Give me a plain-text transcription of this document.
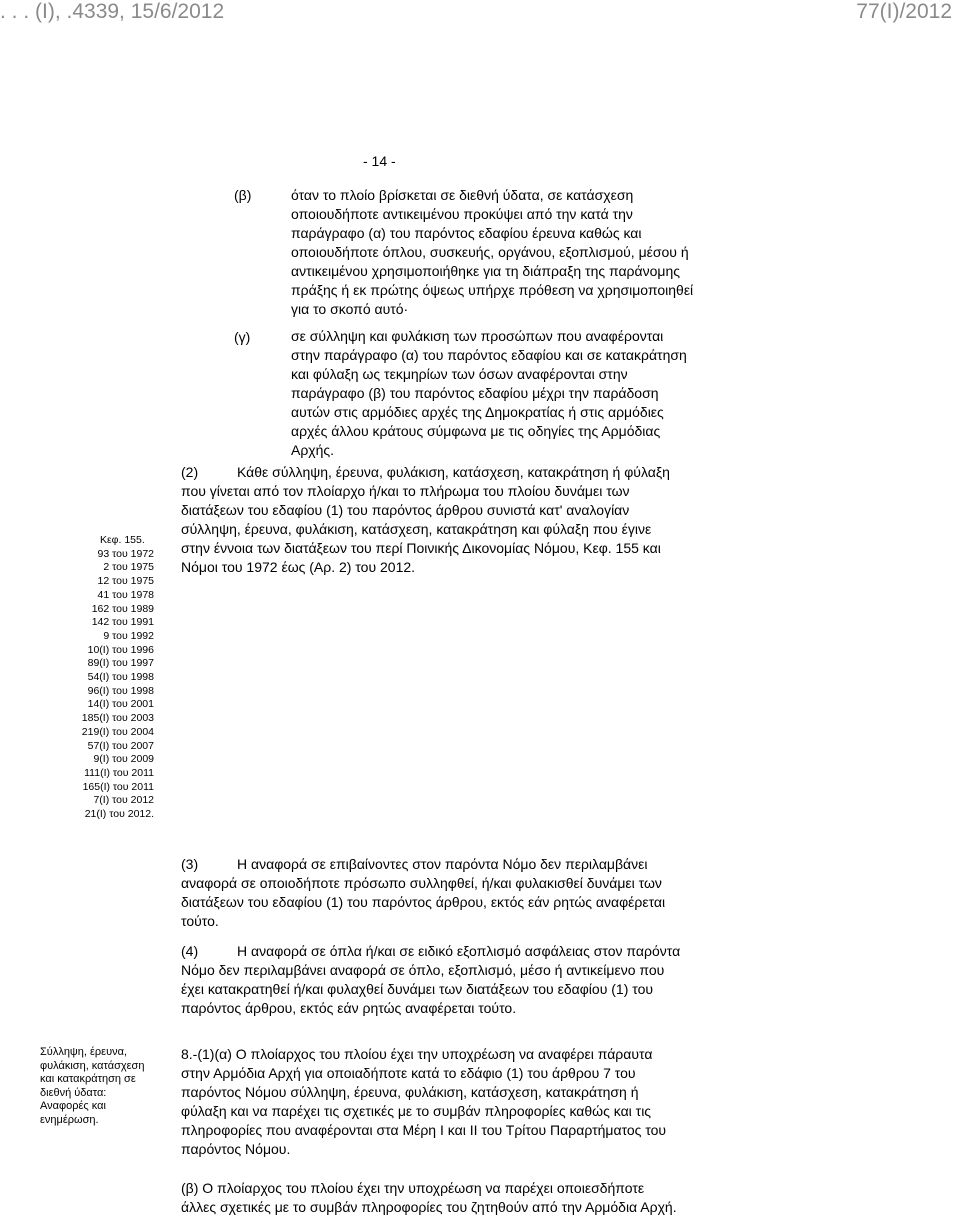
. . . (Ι), .4339, 15/6/2012	77(Ι)/2012
- 14 -
(β)	όταν το πλοίο βρίσκεται σε διεθνή ύδατα, σε κατάσχεση
οποιουδήποτε αντικειμένου προκύψει από την κατά την
παράγραφο (α) του παρόντος εδαφίου έρευνα καθώς και
οποιουδήποτε όπλου, συσκευής, οργάνου, εξοπλισμού, μέσου ή
αντικειμένου χρησιμοποιήθηκε για τη διάπραξη της παράνομης
πράξης ή εκ πρώτης όψεως υπήρχε πρόθεση να χρησιμοποιηθεί
για το σκοπό αυτό·
(γ)	σε σύλληψη και φυλάκιση των προσώπων που αναφέρονται
στην παράγραφο (α) του παρόντος εδαφίου και σε κατακράτηση
και φύλαξη ως τεκμηρίων των όσων αναφέρονται στην
παράγραφο (β) του παρόντος εδαφίου μέχρι την παράδοση
αυτών στις αρμόδιες αρχές της Δημοκρατίας ή στις αρμόδιες
αρχές άλλου κράτους σύμφωνα με τις οδηγίες της Αρμόδιας
Αρχής.
(2)	Κάθε σύλληψη, έρευνα, φυλάκιση, κατάσχεση, κατακράτηση ή φύλαξη
που γίνεται από τον πλοίαρχο ή/και το πλήρωμα του πλοίου δυνάμει των
διατάξεων του εδαφίου (1) του παρόντος άρθρου συνιστά κατ' αναλογίαν
σύλληψη, έρευνα, φυλάκιση, κατάσχεση, κατακράτηση και φύλαξη που έγινε
στην έννοια των διατάξεων του περί Ποινικής Δικονομίας Νόμου, Κεφ. 155 και
Νόμοι του 1972 έως (Αρ. 2) του 2012.
Κεφ. 155.
93 του 1972
2 του 1975
12 του 1975
41 του 1978
162 του 1989
142 του 1991
9 του 1992
10(Ι) του 1996
89(Ι) του 1997
54(Ι) του 1998
96(Ι) του 1998
14(Ι) του 2001
185(Ι) του 2003
219(Ι) του 2004
57(Ι) του 2007
9(Ι) του 2009
111(Ι) του 2011
165(Ι) του 2011
7(Ι) του 2012
21(Ι) του 2012.
(3)	Η αναφορά σε επιβαίνοντες στον παρόντα Νόμο δεν περιλαμβάνει
αναφορά σε οποιοδήποτε πρόσωπο συλληφθεί, ή/και φυλακισθεί δυνάμει των
διατάξεων του εδαφίου (1) του παρόντος άρθρου, εκτός εάν ρητώς αναφέρεται
τούτο.
(4)	Η αναφορά σε όπλα ή/και σε ειδικό εξοπλισμό ασφάλειας στον παρόντα
Νόμο δεν περιλαμβάνει αναφορά σε όπλο, εξοπλισμό, μέσο ή αντικείμενο που
έχει κατακρατηθεί ή/και φυλαχθεί δυνάμει των διατάξεων του εδαφίου (1) του
παρόντος άρθρου, εκτός εάν ρητώς αναφέρεται τούτο.
Σύλληψη, έρευνα,
φυλάκιση, κατάσχεση
και κατακράτηση σε
διεθνή ύδατα:
Αναφορές και
ενημέρωση.
8.-(1)(α) Ο πλοίαρχος του πλοίου έχει την υποχρέωση να αναφέρει πάραυτα
στην Αρμόδια Αρχή για οποιαδήποτε κατά το εδάφιο (1) του άρθρου 7 του
παρόντος Νόμου σύλληψη, έρευνα, φυλάκιση, κατάσχεση, κατακράτηση ή
φύλαξη και να παρέχει τις σχετικές με το συμβάν πληροφορίες καθώς και τις
πληροφορίες που αναφέρονται στα Μέρη Ι και ΙΙ του Τρίτου Παραρτήματος του
παρόντος Νόμου.
(β) Ο πλοίαρχος του πλοίου έχει την υποχρέωση να παρέχει οποιεσδήποτε
άλλες σχετικές με το συμβάν πληροφορίες του ζητηθούν από την Αρμόδια Αρχή.
